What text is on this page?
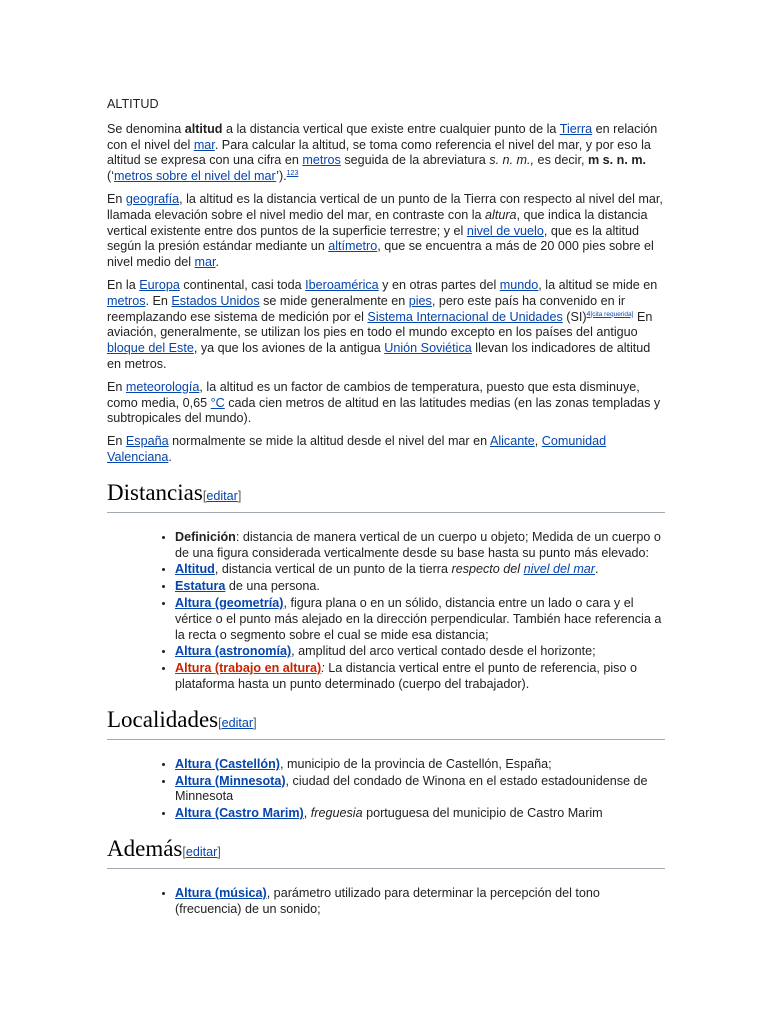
ALTITUD

Se denomina altitud a la distancia vertical que existe entre cualquier punto de la Tierra en relación con el nivel del mar. Para calcular la altitud, se toma como referencia el nivel del mar, y por eso la altitud se expresa con una cifra en metros seguida de la abreviatura s. n. m., es decir, m s. n. m. (‘metros sobre el nivel del mar’).$^{123}$

En geografía, la altitud es la distancia vertical de un punto de la Tierra con respecto al nivel del mar, llamada elevación sobre el nivel medio del mar, en contraste con la altura, que indica la distancia vertical existente entre dos puntos de la superficie terrestre; y el nivel de vuelo, que es la altitud según la presión estándar mediante un altímetro, que se encuentra a más de 20 000 pies sobre el nivel medio del mar.

En la Europa continental, casi toda Iberoamérica y en otras partes del mundo, la altitud se mide en metros. En Estados Unidos se mide generalmente en pies, pero este país ha convenido en ir reemplazando ese sistema de medición por el Sistema Internacional de Unidades (SI)$^{4[cita requerida]}$ En aviación, generalmente, se utilizan los pies en todo el mundo excepto en los países del antiguo bloque del Este, ya que los aviones de la antigua Unión Soviética llevan los indicadores de altitud en metros.

En meteorología, la altitud es un factor de cambios de temperatura, puesto que esta disminuye, como media, 0,65 °C cada cien metros de altitud en las latitudes medias (en las zonas templadas y subtropicales del mundo).

En España normalmente se mide la altitud desde el nivel del mar en Alicante, Comunidad Valenciana.

Distancias[editar]
• Definición: distancia de manera vertical de un cuerpo u objeto; Medida de un cuerpo o de una figura considerada verticalmente desde su base hasta su punto más elevado:
• Altitud, distancia vertical de un punto de la tierra respecto del nivel del mar.
• Estatura de una persona.
• Altura (geometría), figura plana o en un sólido, distancia entre un lado o cara y el vértice o el punto más alejado en la dirección perpendicular. También hace referencia a la recta o segmento sobre el cual se mide esa distancia;
• Altura (astronomía), amplitud del arco vertical contado desde el horizonte;
• Altura (trabajo en altura): La distancia vertical entre el punto de referencia, piso o plataforma hasta un punto determinado (cuerpo del trabajador).
Localidades[editar]
• Altura (Castellón), municipio de la provincia de Castellón, España;
• Altura (Minnesota), ciudad del condado de Winona en el estado estadounidense de Minnesota
• Altura (Castro Marim), freguesia portuguesa del municipio de Castro Marim
Además[editar]
• Altura (música), parámetro utilizado para determinar la percepción del tono (frecuencia) de un sonido;
